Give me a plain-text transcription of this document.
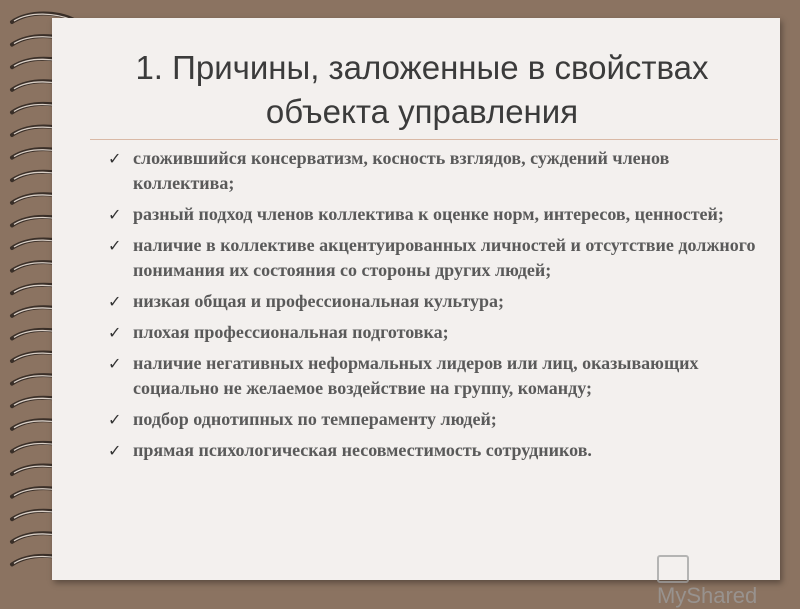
1. Причины, заложенные в свойствах объекта управления
✓ сложившийся консерватизм, косность взглядов, суждений членов коллектива;
✓ разный подход членов коллектива к оценке норм, интересов, ценностей;
✓ наличие в коллективе акцентуированных личностей и отсутствие должного понимания их состояния со стороны других людей;
✓ низкая общая и профессиональная культура;
✓ плохая профессиональная подготовка;
✓ наличие негативных неформальных лидеров или лиц, оказывающих социально не желаемое воздействие на группу, команду;
✓ подбор однотипных по темпераменту людей;
✓ прямая психологическая несовместимость сотрудников.
MyShared
